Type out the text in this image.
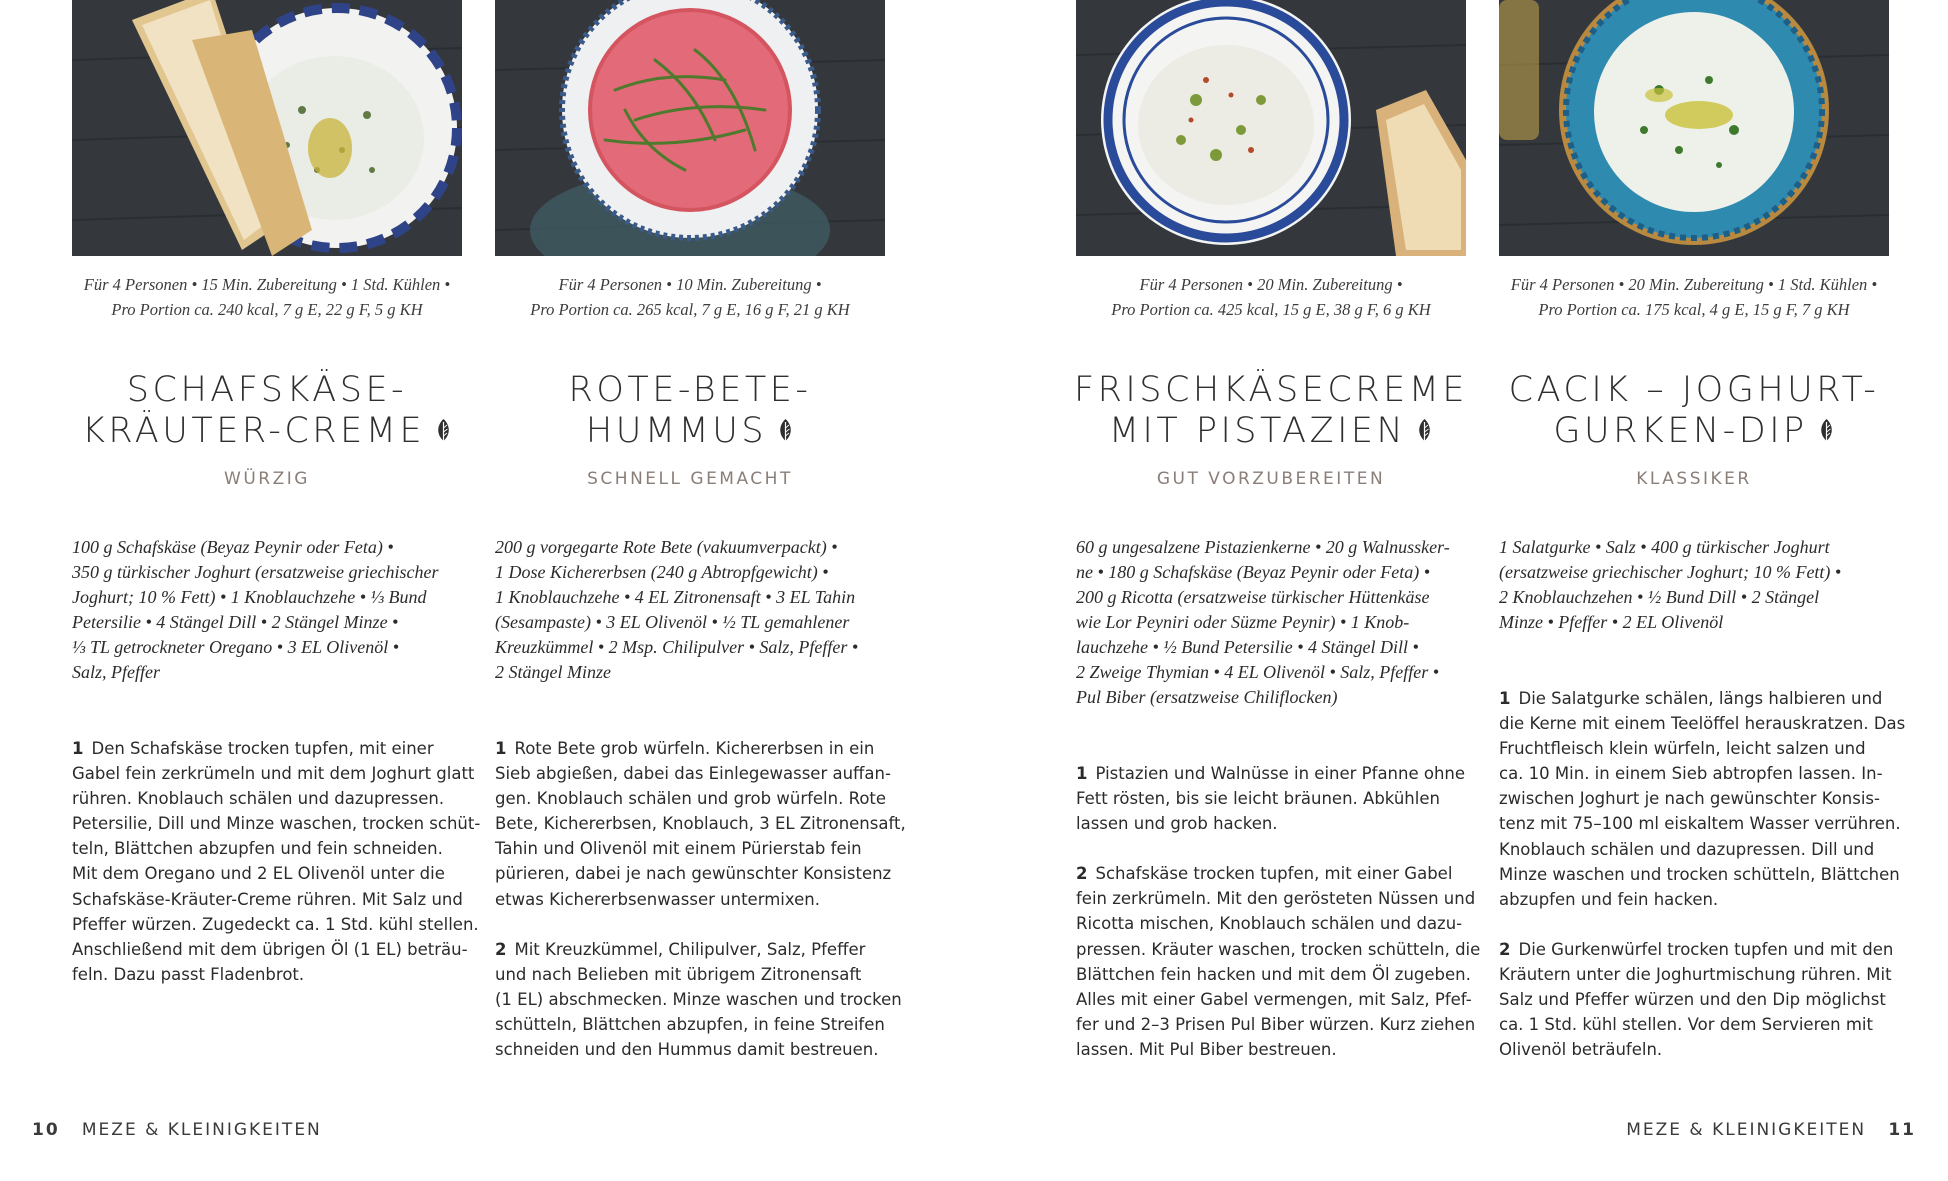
Für 4 Personen • 15 Min. Zubereitung • 1 Std. Kühlen •
Pro Portion ca. 240 kcal, 7 g E, 22 g F, 5 g KH
SCHAFSKÄSE-
KRÄUTER-CREME
WÜRZIG
100 g Schafskäse (Beyaz Peynir oder Feta) •
350 g türkischer Joghurt (ersatzweise griechischer
Joghurt; 10 % Fett) • 1 Knoblauchzehe • ⅓ Bund
Petersilie • 4 Stängel Dill • 2 Stängel Minze •
⅓ TL getrockneter Oregano • 3 EL Olivenöl •
Salz, Pfeffer
1 Den Schafskäse trocken tupfen, mit einer
Gabel fein zerkrümeln und mit dem Joghurt glatt
rühren. Knoblauch schälen und dazupressen.
Petersilie, Dill und Minze waschen, trocken schüt-
teln, Blättchen abzupfen und fein schneiden.
Mit dem Oregano und 2 EL Olivenöl unter die
Schafskäse-Kräuter-Creme rühren. Mit Salz und
Pfeffer würzen. Zugedeckt ca. 1 Std. kühl stellen.
Anschließend mit dem übrigen Öl (1 EL) beträu-
feln. Dazu passt Fladenbrot.
Für 4 Personen • 10 Min. Zubereitung •
Pro Portion ca. 265 kcal, 7 g E, 16 g F, 21 g KH
ROTE-BETE-
HUMMUS
SCHNELL GEMACHT
200 g vorgegarte Rote Bete (vakuumverpackt) •
1 Dose Kichererbsen (240 g Abtropfgewicht) •
1 Knoblauchzehe • 4 EL Zitronensaft • 3 EL Tahin
(Sesampaste) • 3 EL Olivenöl • ½ TL gemahlener
Kreuzkümmel • 2 Msp. Chilipulver • Salz, Pfeffer •
2 Stängel Minze
1 Rote Bete grob würfeln. Kichererbsen in ein
Sieb abgießen, dabei das Einlegewasser auffan-
gen. Knoblauch schälen und grob würfeln. Rote
Bete, Kichererbsen, Knoblauch, 3 EL Zitronensaft,
Tahin und Olivenöl mit einem Pürierstab fein
pürieren, dabei je nach gewünschter Konsistenz
etwas Kichererbsenwasser untermixen.
2 Mit Kreuzkümmel, Chilipulver, Salz, Pfeffer
und nach Belieben mit übrigem Zitronensaft
(1 EL) abschmecken. Minze waschen und trocken
schütteln, Blättchen abzupfen, in feine Streifen
schneiden und den Hummus damit bestreuen.
Für 4 Personen • 20 Min. Zubereitung •
Pro Portion ca. 425 kcal, 15 g E, 38 g F, 6 g KH
FRISCHKÄSECREME
MIT PISTAZIEN
GUT VORZUBEREITEN
60 g ungesalzene Pistazienkerne • 20 g Walnussker-
ne • 180 g Schafskäse (Beyaz Peynir oder Feta) •
200 g Ricotta (ersatzweise türkischer Hüttenkäse
wie Lor Peyniri oder Süzme Peynir) • 1 Knob-
lauchzehe • ½ Bund Petersilie • 4 Stängel Dill •
2 Zweige Thymian • 4 EL Olivenöl • Salz, Pfeffer •
Pul Biber (ersatzweise Chiliflocken)
1 Pistazien und Walnüsse in einer Pfanne ohne
Fett rösten, bis sie leicht bräunen. Abkühlen
lassen und grob hacken.
2 Schafskäse trocken tupfen, mit einer Gabel
fein zerkrümeln. Mit den gerösteten Nüssen und
Ricotta mischen, Knoblauch schälen und dazu-
pressen. Kräuter waschen, trocken schütteln, die
Blättchen fein hacken und mit dem Öl zugeben.
Alles mit einer Gabel vermengen, mit Salz, Pfef-
fer und 2–3 Prisen Pul Biber würzen. Kurz ziehen
lassen. Mit Pul Biber bestreuen.
Für 4 Personen • 20 Min. Zubereitung • 1 Std. Kühlen •
Pro Portion ca. 175 kcal, 4 g E, 15 g F, 7 g KH
CACIK – JOGHURT-
GURKEN-DIP
KLASSIKER
1 Salatgurke • Salz • 400 g türkischer Joghurt
(ersatzweise griechischer Joghurt; 10 % Fett) •
2 Knoblauchzehen • ½ Bund Dill • 2 Stängel
Minze • Pfeffer • 2 EL Olivenöl
1 Die Salatgurke schälen, längs halbieren und
die Kerne mit einem Teelöffel herauskratzen. Das
Fruchtfleisch klein würfeln, leicht salzen und
ca. 10 Min. in einem Sieb abtropfen lassen. In-
zwischen Joghurt je nach gewünschter Konsis-
tenz mit 75–100 ml eiskaltem Wasser verrühren.
Knoblauch schälen und dazupressen. Dill und
Minze waschen und trocken schütteln, Blättchen
abzupfen und fein hacken.
2 Die Gurkenwürfel trocken tupfen und mit den
Kräutern unter die Joghurtmischung rühren. Mit
Salz und Pfeffer würzen und den Dip möglichst
ca. 1 Std. kühl stellen. Vor dem Servieren mit
Olivenöl beträufeln.
10 MEZE & KLEINIGKEITEN	MEZE & KLEINIGKEITEN 11
